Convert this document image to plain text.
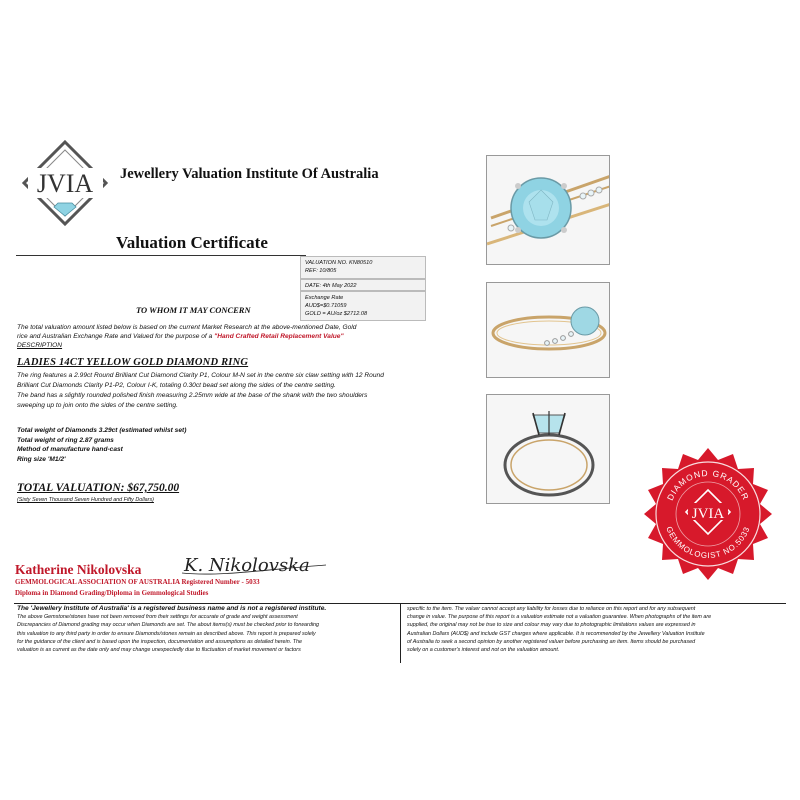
JVIA Jewellery Valuation Institute Of Australia
Valuation Certificate
VALUATION NO. KN80510
REF: 10/805
DATE: 4th May 2022
Exchange Rate
AUD$=$0.71059
GOLD = AU/oz $2712.08
TO WHOM IT MAY CONCERN
The total valuation amount listed below is based on the current Market Research at the above-mentioned Date, Gold
rice and Australian Exchange Rate and Valued for the purpose of a "Hand Crafted Retail Replacement Value"
DESCRIPTION
LADIES 14CT YELLOW GOLD DIAMOND RING

The ring features a 2.99ct Round Brilliant Cut Diamond Clarity P1, Colour M-N set in the centre six claw setting with 12 Round Brilliant Cut Diamonds Clarity P1-P2, Colour I-K, totaling 0.30ct bead set along the sides of the centre setting.

The band has a slightly rounded polished finish measuring 2.25mm wide at the base of the shank with the two shoulders sweeping up to join onto the sides of the centre setting.

Total weight of Diamonds 3.29ct (estimated whilst set)
Total weight of ring 2.87 grams
Method of manufacture hand-cast
Ring size 'M1/2'
TOTAL VALUATION: $67,750.00
(Sixty Seven Thousand Seven Hundred and Fifty Dollars)
Katherine Nikolovska K. Nikolovska
GEMMOLOGICAL ASSOCIATION OF AUSTRALIA Registered Number - 5033
Diploma in Diamond Grading/Diploma in Gemmological Studies
The 'Jewellery Institute of Australia' is a registered business name and is not a registered institute.
The above Gemstone/stones have not been removed from their settings for accurate of grade and weight assessment
Discrepancies of Diamond grading may occur when Diamonds are set. The about items(s) must be checked prior to forwarding
this valuation to any third party in order to ensure Diamonds/stones remain as described above. This report is prepared solely
for the guidance of the client and is based upon the inspection, documentation and assumptions as detailed herein. The
valuation is as current as the date only and may change unexpectedly due to fluctuation of market movement or factors
specific to the item. The valuer cannot accept any liability for losses due to reliance on this report and for any subsequent
change in value. The purpose of this report is a valuation estimate not a valuation guarantee. When photographs of the item are
supplied, the original may not be true to size and colour may vary due to photographic limitations values are expressed in
Australian Dollars (AUD$) and include GST charges where applicable. It is recommended by the Jewellery Valuation Institute
of Australia to seek a second opinion by another registered valuer before purchasing an item. Items should be purchased
solely on a customer's interest and not on the valuation amount.
DIAMOND GRADER
GEMMOLOGIST NO.5033
JVIA
